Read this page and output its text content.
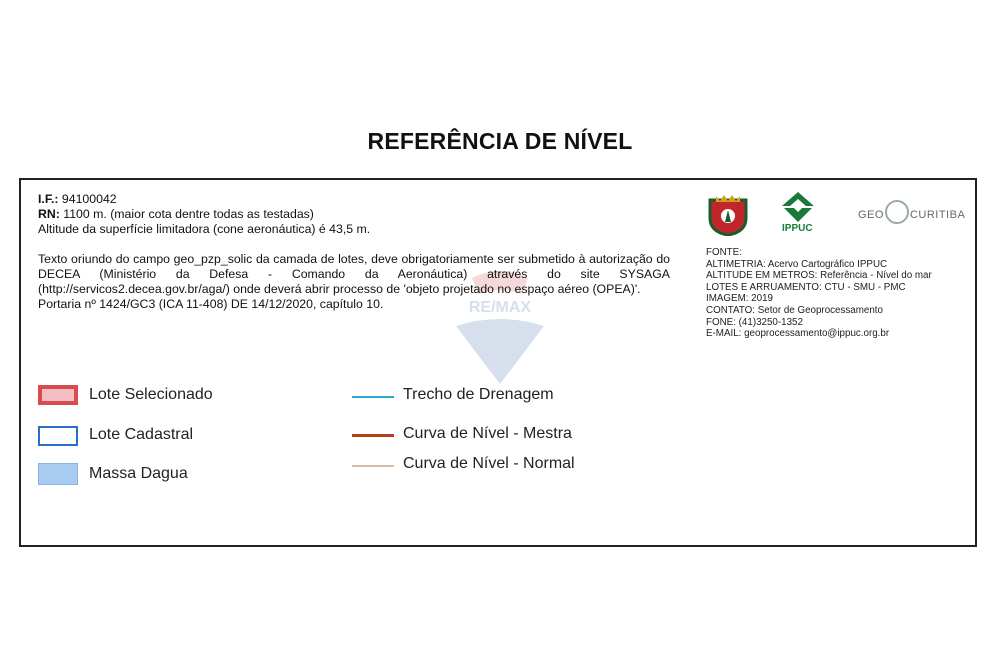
REFERÊNCIA DE NÍVEL
RE/MAX
I.F.: 94100042
RN: 1100 m. (maior cota dentre todas as testadas)
Altitude da superfície limitadora (cone aeronáutica) é 43,5 m.
Texto oriundo do campo geo_pzp_solic da camada de lotes, deve obrigatoriamente ser submetido à autorização do DECEA (Ministério da Defesa - Comando da Aeronáutica) através do site SYSAGA (http://servicos2.decea.gov.br/aga/) onde deverá abrir processo de 'objeto projetado no espaço aéreo (OPEA)'.
Portaria nº 1424/GC3 (ICA 11-408) DE 14/12/2020, capítulo 10.
IPPUC
GEO CURITIBA
FONTE:
ALTIMETRIA: Acervo Cartográfico IPPUC
ALTITUDE EM METROS: Referência - Nível do mar
LOTES E ARRUAMENTO: CTU - SMU - PMC
IMAGEM: 2019
CONTATO: Setor de Geoprocessamento
FONE: (41)3250-1352
E-MAIL: geoprocessamento@ippuc.org.br
Lote Selecionado
Lote Cadastral
Massa Dagua
Trecho de Drenagem
Curva de Nível - Mestra
Curva de Nível - Normal
